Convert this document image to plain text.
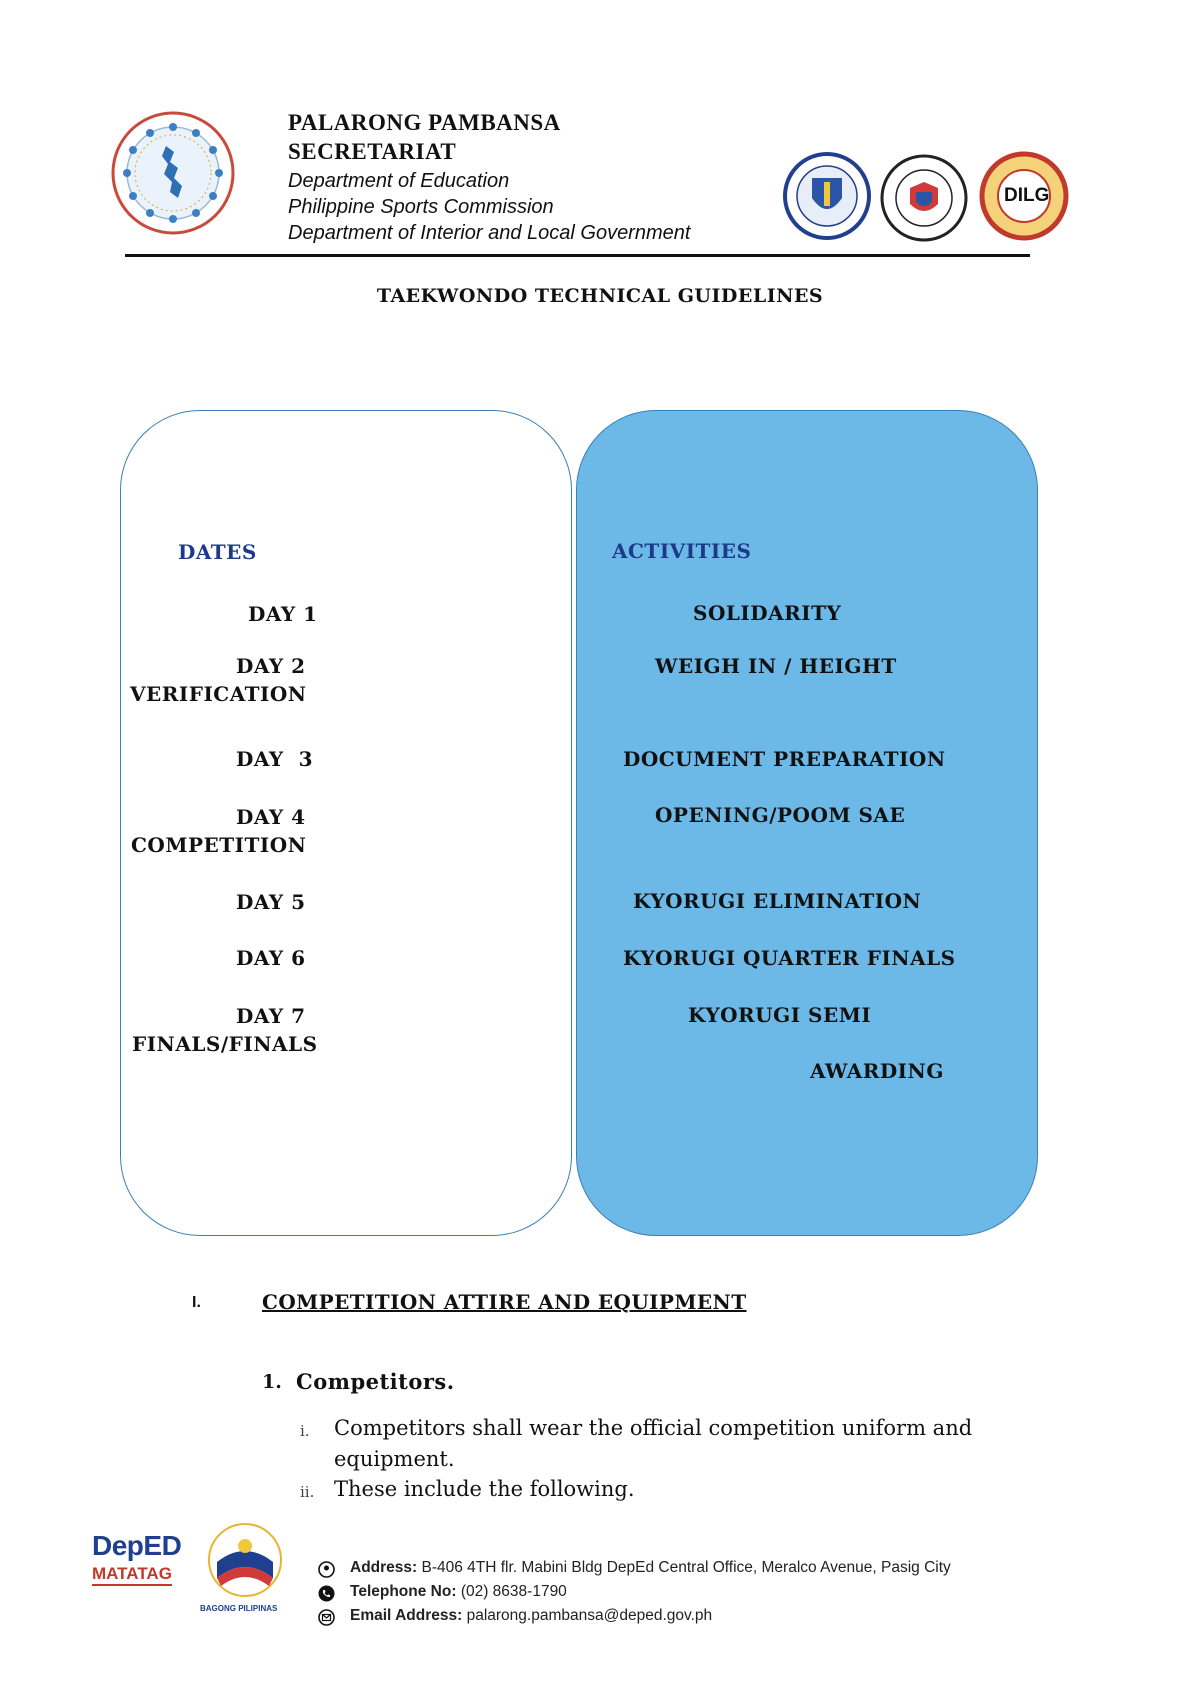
PALARONG PAMBANSA
SECRETARIAT
Department of Education
Philippine Sports Commission
Department of Interior and Local Government
DILG
TAEKWONDO TECHNICAL GUIDELINES
DATES	ACTIVITIES
DAY 1
DAY 2
VERIFICATION
DAY  3
DAY 4
COMPETITION
DAY 5
DAY 6
DAY 7
FINALS/FINALS
SOLIDARITY
WEIGH IN / HEIGHT
DOCUMENT PREPARATION
OPENING/POOM SAE
KYORUGI ELIMINATION
KYORUGI QUARTER FINALS
KYORUGI SEMI
AWARDING
I.	COMPETITION ATTIRE AND EQUIPMENT
1. Competitors.
i. Competitors shall wear the official competition uniform and equipment.
ii. These include the following.
DepED
MATATAG
BAGONG PILIPINAS
Address: B-406 4TH flr. Mabini Bldg DepEd Central Office, Meralco Avenue, Pasig City
Telephone No: (02) 8638-1790
Email Address: palarong.pambansa@deped.gov.ph
